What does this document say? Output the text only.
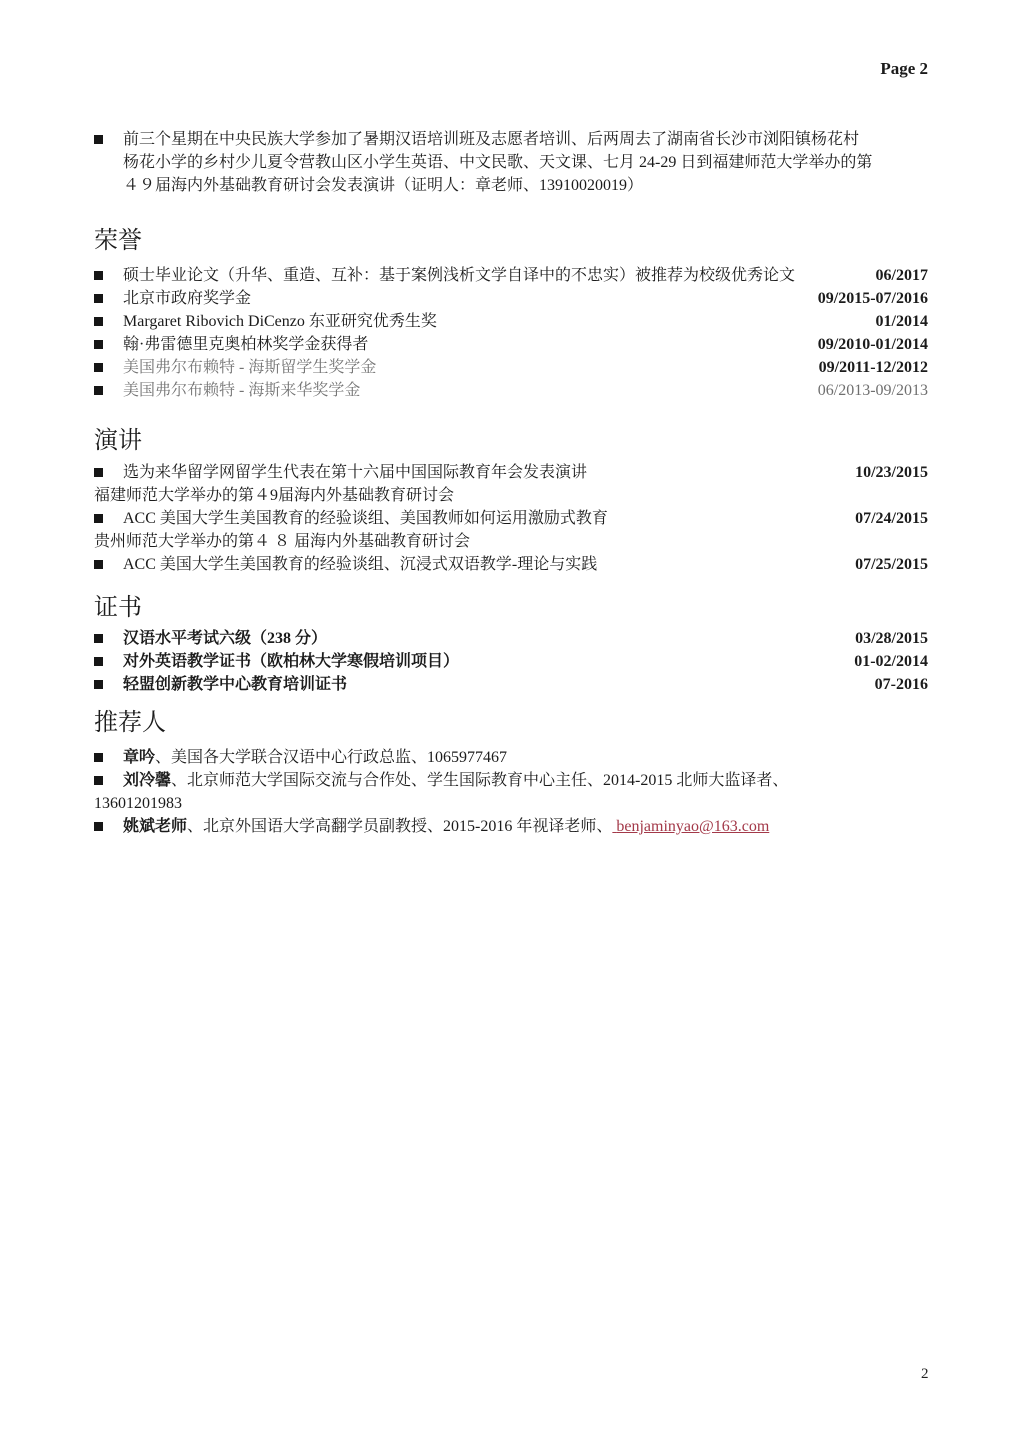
Page 2
前三个星期在中央民族大学参加了暑期汉语培训班及志愿者培训、后两周去了湖南省长沙市浏阳镇杨花村
杨花小学的乡村少儿夏令营教山区小学生英语、中文民歌、天文课、七月 24-29 日到福建师范大学举办的第
４９届海内外基础教育研讨会发表演讲（证明人：章老师、13910020019）
荣誉
硕士毕业论文（升华、重造、互补：基于案例浅析文学自译中的不忠实）被推荐为校级优秀论文	06/2017
北京市政府奖学金	09/2015-07/2016
Margaret Ribovich DiCenzo 东亚研究优秀生奖	01/2014
翰·弗雷德里克奥柏林奖学金获得者	09/2010-01/2014
美国弗尔布赖特 - 海斯留学生奖学金	09/2011-12/2012
美国弗尔布赖特 - 海斯来华奖学金	06/2013-09/2013
演讲
选为来华留学网留学生代表在第十六届中国国际教育年会发表演讲	10/23/2015
福建师范大学举办的第４9届海内外基础教育研讨会
ACC 美国大学生美国教育的经验谈组、美国教师如何运用激励式教育	07/24/2015
贵州师范大学举办的第４ ８ 届海内外基础教育研讨会
ACC 美国大学生美国教育的经验谈组、沉浸式双语教学-理论与实践	07/25/2015
证书
汉语水平考试六级（238 分）	03/28/2015
对外英语教学证书（欧柏林大学寒假培训项目）	01-02/2014
轻盟创新教学中心教育培训证书	07-2016
推荐人
章吟、美国各大学联合汉语中心行政总监、1065977467
刘冷馨、北京师范大学国际交流与合作处、学生国际教育中心主任、2014-2015 北师大监译者、
13601201983
姚斌老师、北京外国语大学高翻学员副教授、2015-2016 年视译老师、 benjaminyao@163.com
2
